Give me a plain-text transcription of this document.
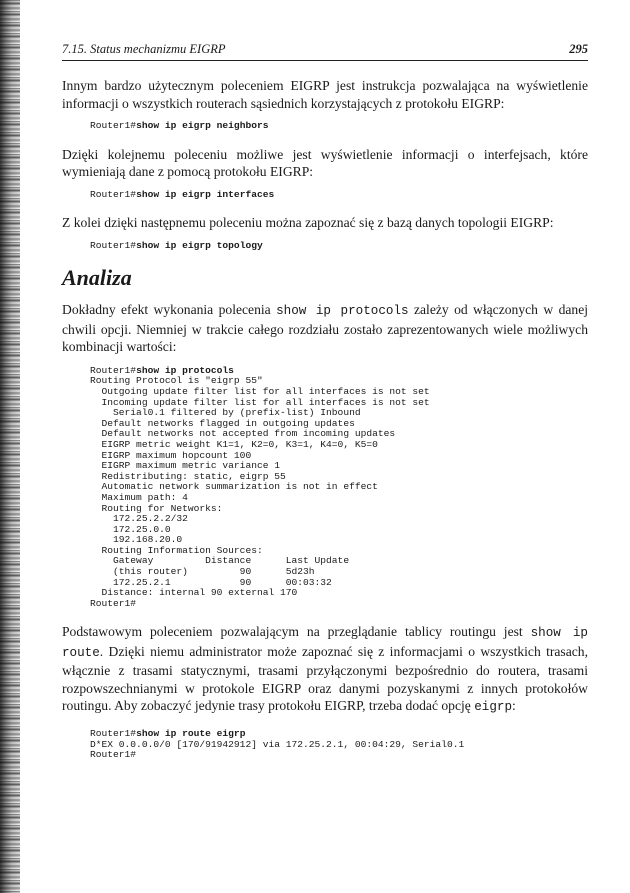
7.15. Status mechanizmu EIGRP	295

Innym bardzo użytecznym poleceniem EIGRP jest instrukcja pozwalająca na wyświetlenie informacji o wszystkich routerach sąsiednich korzystających z protokołu EIGRP:

Router1#show ip eigrp neighbors

Dzięki kolejnemu poleceniu możliwe jest wyświetlenie informacji o interfejsach, które wymieniają dane z pomocą protokołu EIGRP:

Router1#show ip eigrp interfaces

Z kolei dzięki następnemu poleceniu można zapoznać się z bazą danych topologii EIGRP:

Router1#show ip eigrp topology
Analiza

Dokładny efekt wykonania polecenia show ip protocols zależy od włączonych w danej chwili opcji. Niemniej w trakcie całego rozdziału zostało zaprezentowanych wiele możliwych kombinacji wartości:

Router1#show ip protocols
Routing Protocol is "eigrp 55"
Outgoing update filter list for all interfaces is not set
Incoming update filter list for all interfaces is not set
Serial0.1 filtered by (prefix-list) Inbound
Default networks flagged in outgoing updates
Default networks not accepted from incoming updates
EIGRP metric weight K1=1, K2=0, K3=1, K4=0, K5=0
EIGRP maximum hopcount 100
EIGRP maximum metric variance 1
Redistributing: static, eigrp 55
Automatic network summarization is not in effect
Maximum path: 4
Routing for Networks:
172.25.2.2/32
172.25.0.0
192.168.20.0
Routing Information Sources:
Gateway         Distance      Last Update
(this router)         90      5d23h
172.25.2.1            90      00:03:32
Distance: internal 90 external 170
Router1#

Podstawowym poleceniem pozwalającym na przeglądanie tablicy routingu jest show ip route. Dzięki niemu administrator może zapoznać się z informacjami o wszystkich trasach, włącznie z trasami statycznymi, trasami przyłączonymi bezpośrednio do routera, trasami rozpowszechnianymi w protokole EIGRP oraz danymi pozyskanymi z innych protokołów routingu. Aby zobaczyć jedynie trasy protokołu EIGRP, trzeba dodać opcję eigrp:

Router1#show ip route eigrp
D*EX 0.0.0.0/0 [170/91942912] via 172.25.2.1, 00:04:29, Serial0.1
Router1#
